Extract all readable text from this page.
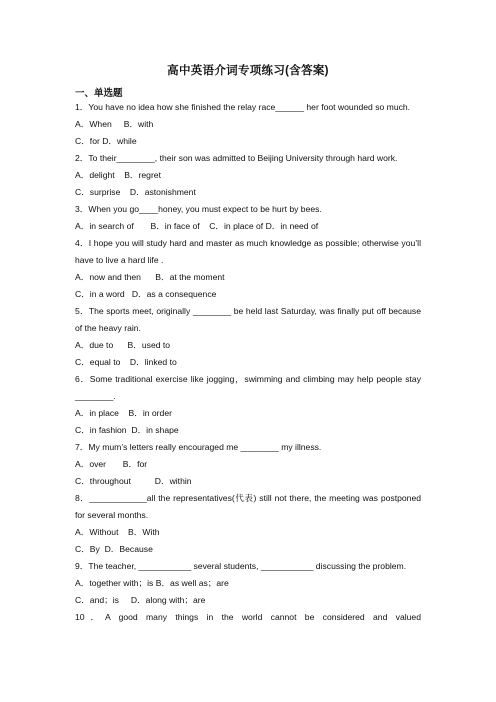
高中英语介词专项练习(含答案)
一、单选题

1．You have no idea how she finished the relay race______ her foot wounded so much.

A．When     B．with

C．for D．while

2．To their________, their son was admitted to Beijing University through hard work.

A．delight    B．regret

C．surprise    D．astonishment

3．When you go____honey, you must expect to be hurt by bees.

A．in search of       B．in face of    C．in place of D．in need of

4．I hope you will study hard and master as much knowledge as possible; otherwise you’ll have to live a hard life .

A．now and then      B．at the moment

C．in a word   D．as a consequence

5．The sports meet, originally ________ be held last Saturday, was finally put off because of the heavy rain.

A．due to      B．used to

C．equal to    D．linked to

6．Some traditional exercise like jogging，swimming and climbing may help people stay ________.

A．in place    B．in order

C．in fashion  D．in shape

7．My mum’s letters really encouraged me ________ my illness.

A．over       B．for

C．throughout          D．within

8．____________all the representatives(代表) still not there, the meeting was postponed for several months.

A．Without    B．With

C．By  D．Because

9．The teacher, ___________ several students, ___________ discussing the problem.

A．together with；is B．as well as；are

C．and；is     D．along with；are

10．A good many things in the world cannot be considered and valued
